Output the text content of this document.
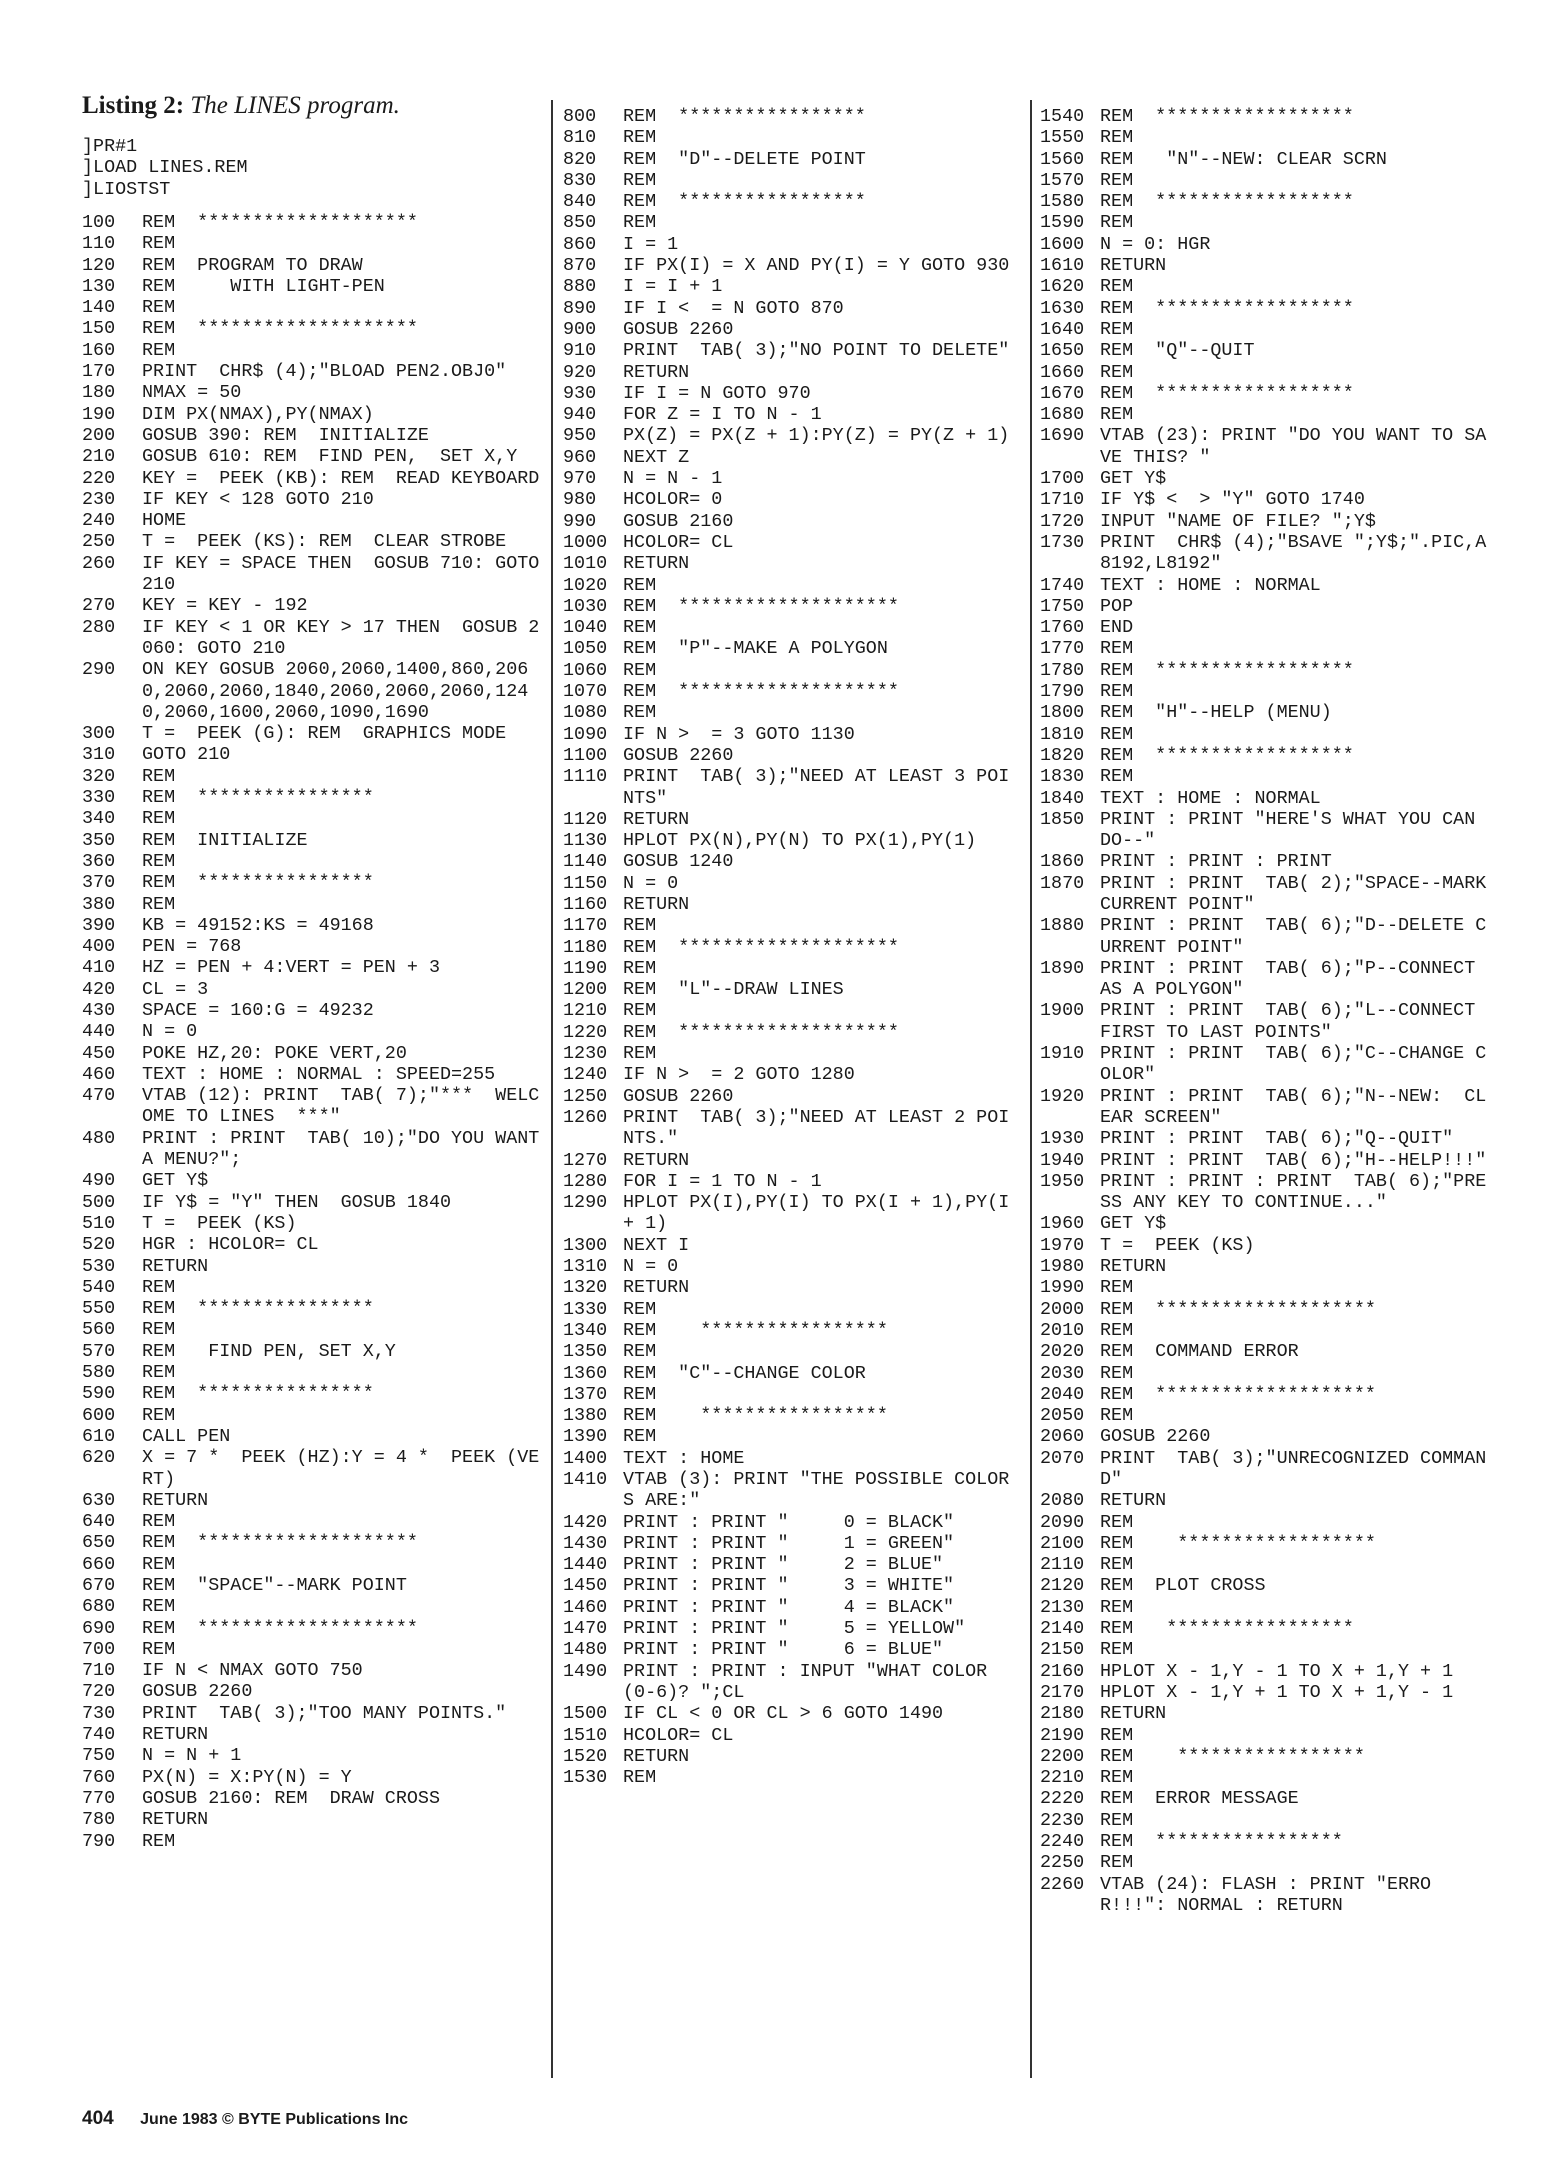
Listing 2: The LINES program.
]PR#1
]LOAD LINES.REM
]LIOSTST
100	REM  ********************
110	REM
120	REM  PROGRAM TO DRAW
130	REM     WITH LIGHT-PEN
140	REM
150	REM  ********************
160	REM
170	PRINT  CHR$ (4);"BLOAD PEN2.OBJ0"
180	NMAX = 50
190	DIM PX(NMAX),PY(NMAX)
200	GOSUB 390: REM  INITIALIZE
210	GOSUB 610: REM  FIND PEN,  SET X,Y
220	KEY =  PEEK (KB): REM  READ KEYBOARD
230	IF KEY < 128 GOTO 210
240	HOME
250	T =  PEEK (KS): REM  CLEAR STROBE
260	IF KEY = SPACE THEN  GOSUB 710: GOTO 210
270	KEY = KEY - 192
280	IF KEY < 1 OR KEY > 17 THEN  GOSUB 2060: GOTO 210
290	ON KEY GOSUB 2060,2060,1400,860,2060,2060,2060,1840,2060,2060,2060,1240,2060,1600,2060,1090,1690
300	T =  PEEK (G): REM  GRAPHICS MODE
310	GOTO 210
320	REM
330	REM  ****************
340	REM
350	REM  INITIALIZE
360	REM
370	REM  ****************
380	REM
390	KB = 49152:KS = 49168
400	PEN = 768
410	HZ = PEN + 4:VERT = PEN + 3
420	CL = 3
430	SPACE = 160:G = 49232
440	N = 0
450	POKE HZ,20: POKE VERT,20
460	TEXT : HOME : NORMAL : SPEED=255
470	VTAB (12): PRINT  TAB( 7);"***  WELCOME TO LINES  ***"
480	PRINT : PRINT  TAB( 10);"DO YOU WANT A MENU?";
490	GET Y$
500	IF Y$ = "Y" THEN  GOSUB 1840
510	T =  PEEK (KS)
520	HGR : HCOLOR= CL
530	RETURN
540	REM
550	REM  ****************
560	REM
570	REM   FIND PEN, SET X,Y
580	REM
590	REM  ****************
600	REM
610	CALL PEN
620	X = 7 *  PEEK (HZ):Y = 4 *  PEEK (VERT)
630	RETURN
640	REM
650	REM  ********************
660	REM
670	REM  "SPACE"--MARK POINT
680	REM
690	REM  ********************
700	REM
710	IF N < NMAX GOTO 750
720	GOSUB 2260
730	PRINT  TAB( 3);"TOO MANY POINTS."
740	RETURN
750	N = N + 1
760	PX(N) = X:PY(N) = Y
770	GOSUB 2160: REM  DRAW CROSS
780	RETURN
790	REM
800	REM  *****************
810	REM
820	REM  "D"--DELETE POINT
830	REM
840	REM  *****************
850	REM
860	I = 1
870	IF PX(I) = X AND PY(I) = Y GOTO 930
880	I = I + 1
890	IF I <  = N GOTO 870
900	GOSUB 2260
910	PRINT  TAB( 3);"NO POINT TO DELETE"
920	RETURN
930	IF I = N GOTO 970
940	FOR Z = I TO N - 1
950	PX(Z) = PX(Z + 1):PY(Z) = PY(Z + 1)
960	NEXT Z
970	N = N - 1
980	HCOLOR= 0
990	GOSUB 2160
1000 HCOLOR= CL
1010 RETURN
1020 REM
1030 REM  ********************
1040 REM
1050 REM  "P"--MAKE A POLYGON
1060 REM
1070 REM  ********************
1080 REM
1090 IF N >  = 3 GOTO 1130
1100 GOSUB 2260
1110 PRINT  TAB( 3);"NEED AT LEAST 3 POINTS"
1120 RETURN
1130 HPLOT PX(N),PY(N) TO PX(1),PY(1)
1140 GOSUB 1240
1150 N = 0
1160 RETURN
1170 REM
1180 REM  ********************
1190 REM
1200 REM  "L"--DRAW LINES
1210 REM
1220 REM  ********************
1230 REM
1240 IF N >  = 2 GOTO 1280
1250 GOSUB 2260
1260 PRINT  TAB( 3);"NEED AT LEAST 2 POINTS."
1270 RETURN
1280 FOR I = 1 TO N - 1
1290 HPLOT PX(I),PY(I) TO PX(I + 1),PY(I + 1)
1300 NEXT I
1310 N = 0
1320 RETURN
1330 REM
1340 REM    *****************
1350 REM
1360 REM  "C"--CHANGE COLOR
1370 REM
1380 REM    *****************
1390 REM
1400 TEXT : HOME
1410 VTAB (3): PRINT "THE POSSIBLE COLORS ARE:"
1420 PRINT : PRINT "     0 = BLACK"
1430 PRINT : PRINT "     1 = GREEN"
1440 PRINT : PRINT "     2 = BLUE"
1450 PRINT : PRINT "     3 = WHITE"
1460 PRINT : PRINT "     4 = BLACK"
1470 PRINT : PRINT "     5 = YELLOW"
1480 PRINT : PRINT "     6 = BLUE"
1490 PRINT : PRINT : INPUT "WHAT COLOR (0-6)? ";CL
1500 IF CL < 0 OR CL > 6 GOTO 1490
1510 HCOLOR= CL
1520 RETURN
1530 REM
1540 REM  ******************
1550 REM
1560 REM   "N"--NEW: CLEAR SCRN
1570 REM
1580 REM  ******************
1590 REM
1600 N = 0: HGR
1610 RETURN
1620 REM
1630 REM  ******************
1640 REM
1650 REM  "Q"--QUIT
1660 REM
1670 REM  ******************
1680 REM
1690 VTAB (23): PRINT "DO YOU WANT TO SAVE THIS? "
1700 GET Y$
1710 IF Y$ <  > "Y" GOTO 1740
1720 INPUT "NAME OF FILE? ";Y$
1730 PRINT  CHR$ (4);"BSAVE ";Y$;".PIC,A8192,L8192"
1740 TEXT : HOME : NORMAL
1750 POP
1760 END
1770 REM
1780 REM  ******************
1790 REM
1800 REM  "H"--HELP (MENU)
1810 REM
1820 REM  ******************
1830 REM
1840 TEXT : HOME : NORMAL
1850 PRINT : PRINT "HERE'S WHAT YOU CAN DO--"
1860 PRINT : PRINT : PRINT
1870 PRINT : PRINT  TAB( 2);"SPACE--MARK CURRENT POINT"
1880 PRINT : PRINT  TAB( 6);"D--DELETE CURRENT POINT"
1890 PRINT : PRINT  TAB( 6);"P--CONNECT AS A POLYGON"
1900 PRINT : PRINT  TAB( 6);"L--CONNECT FIRST TO LAST POINTS"
1910 PRINT : PRINT  TAB( 6);"C--CHANGE COLOR"
1920 PRINT : PRINT  TAB( 6);"N--NEW:  CLEAR SCREEN"
1930 PRINT : PRINT  TAB( 6);"Q--QUIT"
1940 PRINT : PRINT  TAB( 6);"H--HELP!!!"
1950 PRINT : PRINT : PRINT  TAB( 6);"PRESS ANY KEY TO CONTINUE..."
1960 GET Y$
1970 T =  PEEK (KS)
1980 RETURN
1990 REM
2000 REM  ********************
2010 REM
2020 REM  COMMAND ERROR
2030 REM
2040 REM  ********************
2050 REM
2060 GOSUB 2260
2070 PRINT  TAB( 3);"UNRECOGNIZED COMMAND"
2080 RETURN
2090 REM
2100 REM    ******************
2110 REM
2120 REM  PLOT CROSS
2130 REM
2140 REM   *****************
2150 REM
2160 HPLOT X - 1,Y - 1 TO X + 1,Y + 1
2170 HPLOT X - 1,Y + 1 TO X + 1,Y - 1
2180 RETURN
2190 REM
2200 REM    *****************
2210 REM
2220 REM  ERROR MESSAGE
2230 REM
2240 REM  *****************
2250 REM
2260 VTAB (24): FLASH : PRINT "ERROR!!!": NORMAL : RETURN
404 June 1983 © BYTE Publications Inc
